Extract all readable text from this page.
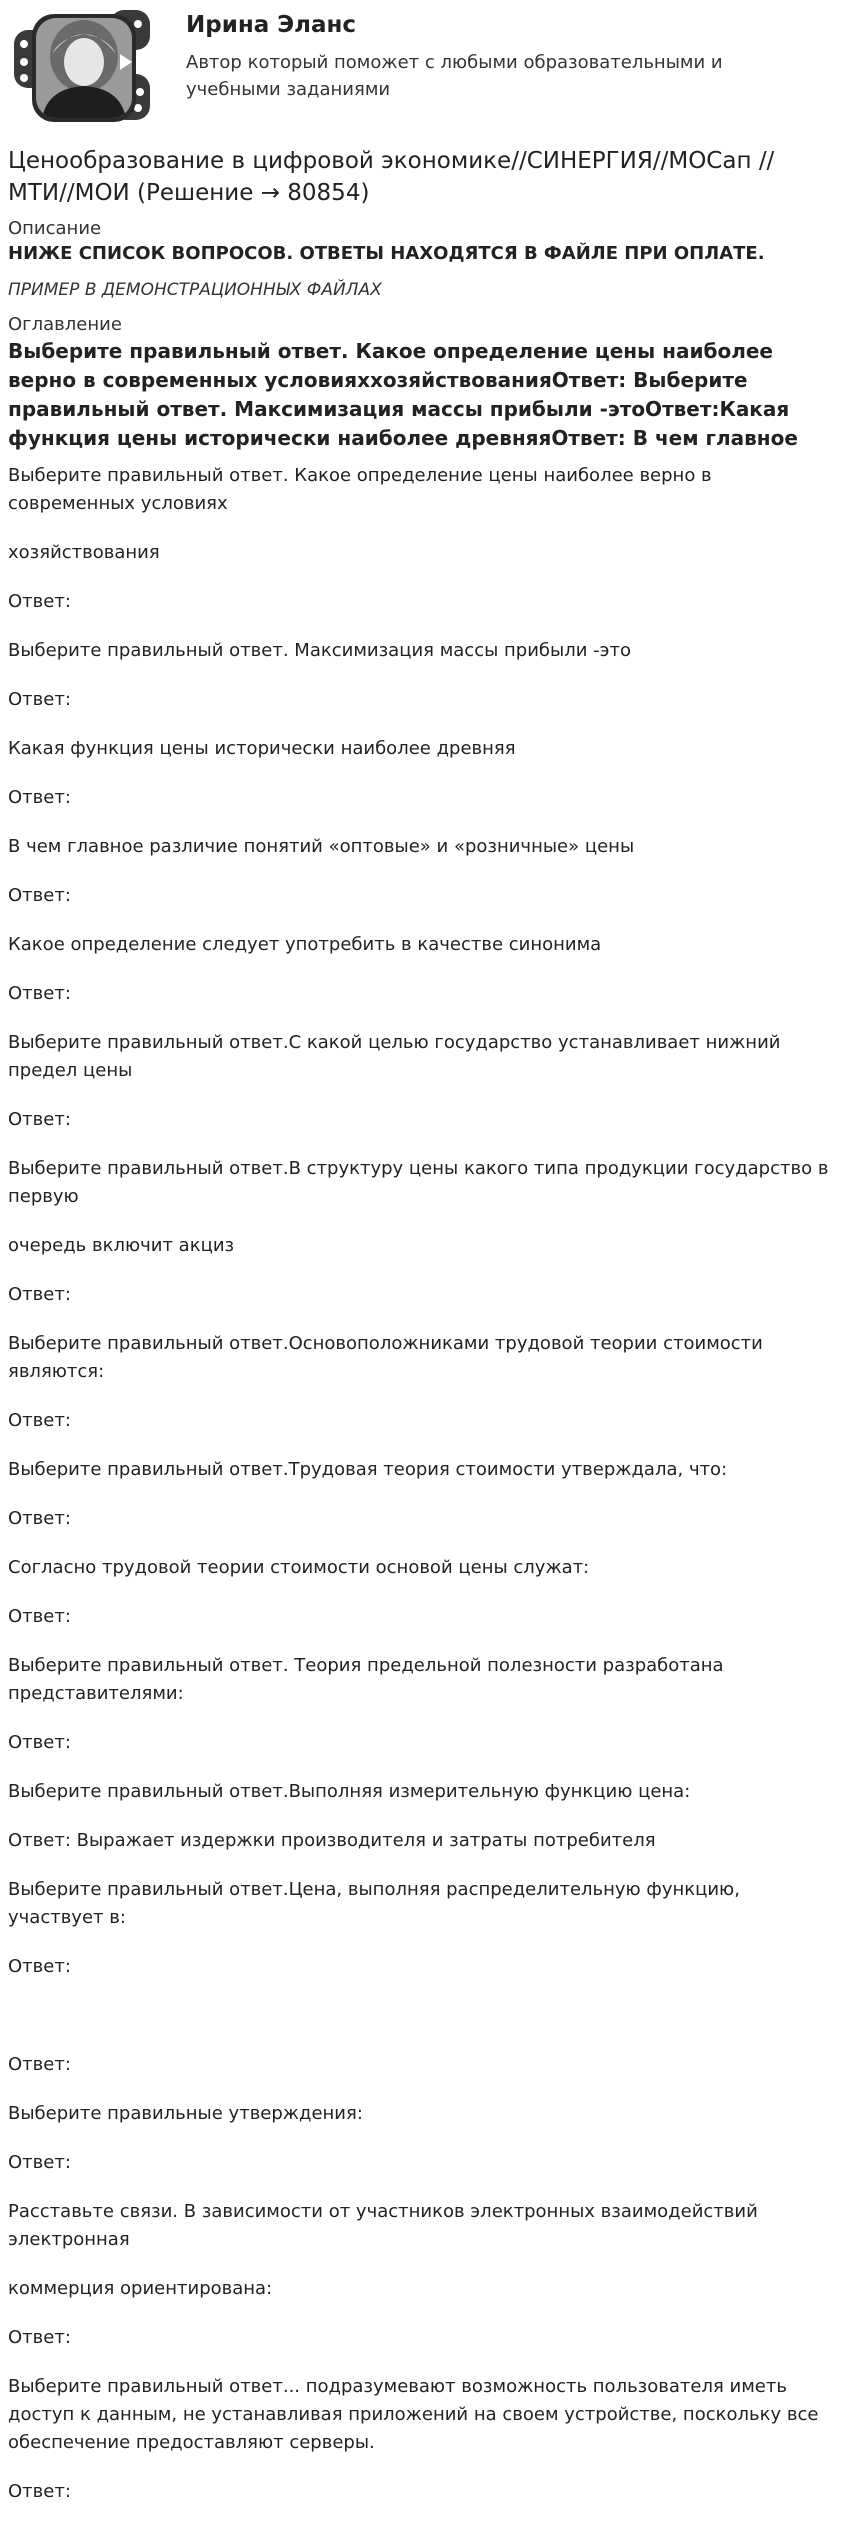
Ирина Эланс
Автор который поможет с любыми образовательными и учебными заданиями
Ценообразование в цифровой экономике//СИНЕРГИЯ//МОСап //МТИ//МОИ (Решение → 80854)
Описание
НИЖЕ СПИСОК ВОПРОСОВ. ОТВЕТЫ НАХОДЯТСЯ В ФАЙЛЕ ПРИ ОПЛАТЕ.
ПРИМЕР В ДЕМОНСТРАЦИОННЫХ ФАЙЛАХ
Оглавление
Выберите правильный ответ. Какое определение цены наиболее верно в современных условияххозяйствованияОтвет: Выберите правильный ответ. Максимизация массы прибыли -этоОтвет:Какая функция цены исторически наиболее древняяОтвет: В чем главное

Выберите правильный ответ. Какое определение цены наиболее верно в современных условиях

хозяйствования

Ответ:

Выберите правильный ответ. Максимизация массы прибыли -это

Ответ:

Какая функция цены исторически наиболее древняя

Ответ:

В чем главное различие понятий «оптовые» и «розничные» цены

Ответ:

Какое определение следует употребить в качестве синонима

Ответ:

Выберите правильный ответ.С какой целью государство устанавливает нижний предел цены

Ответ:

Выберите правильный ответ.В структуру цены какого типа продукции государство в первую

очередь включит акциз

Ответ:

Выберите правильный ответ.Основоположниками трудовой теории стоимости являются:

Ответ:

Выберите правильный ответ.Трудовая теория стоимости утверждала, что:

Ответ:

Согласно трудовой теории стоимости основой цены служат:

Ответ:

Выберите правильный ответ. Теория предельной полезности разработана представителями:

Ответ:

Выберите правильный ответ.Выполняя измерительную функцию цена:

Ответ: Выражает издержки производителя и затраты потребителя

Выберите правильный ответ.Цена, выполняя распределительную функцию, участвует в:

Ответ:

Ответ:

Выберите правильные утверждения:

Ответ:

Расставьте связи. В зависимости от участников электронных взаимодействий электронная

коммерция ориентирована:

Ответ:

Выберите правильный ответ... подразумевают возможность пользователя иметь доступ к данным, не устанавливая приложений на своем устройстве, поскольку все обеспечение предоставляют серверы.

Ответ:
